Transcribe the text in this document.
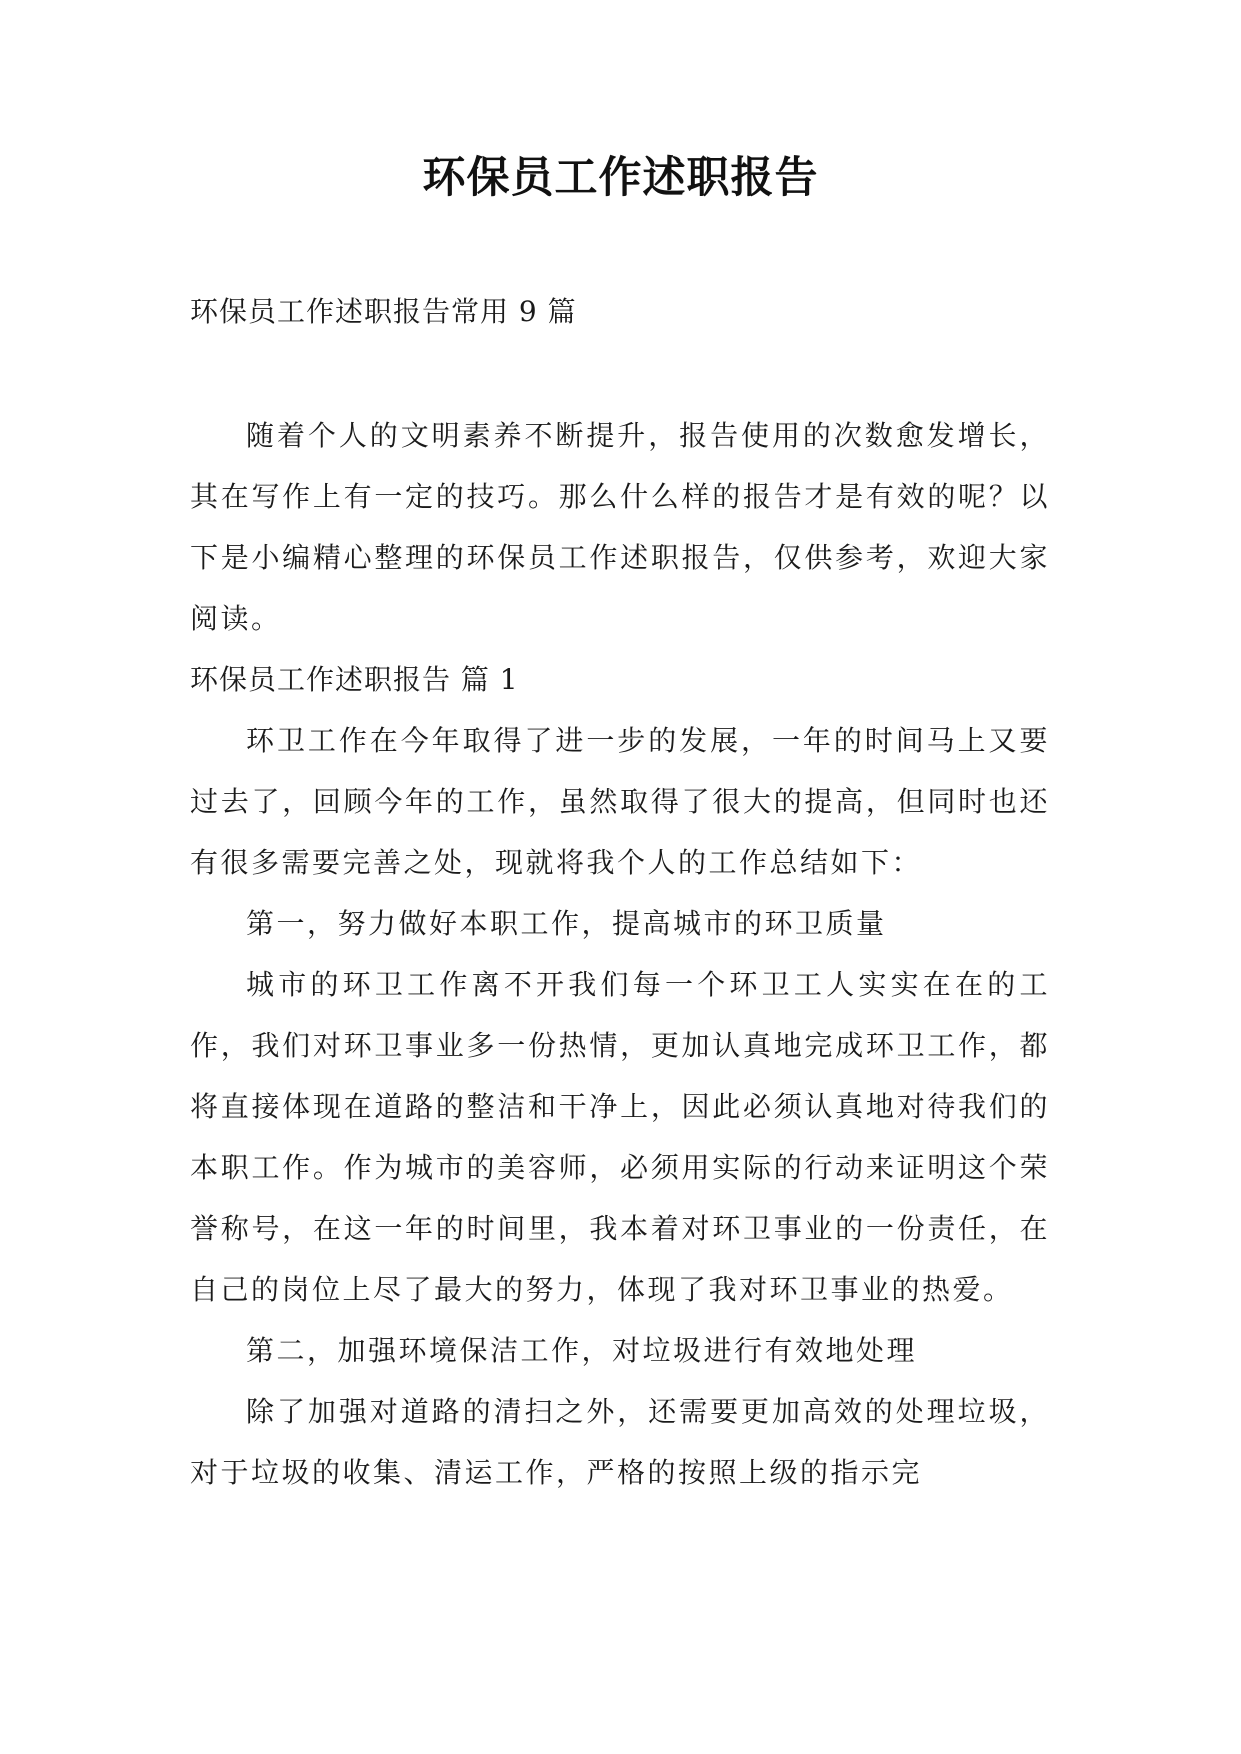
环保员工作述职报告
环保员工作述职报告常用 9 篇

随着个人的文明素养不断提升，报告使用的次数愈发增长，其在写作上有一定的技巧。那么什么样的报告才是有效的呢？以下是小编精心整理的环保员工作述职报告，仅供参考，欢迎大家阅读。

环保员工作述职报告 篇 1

环卫工作在今年取得了进一步的发展，一年的时间马上又要过去了，回顾今年的工作，虽然取得了很大的提高，但同时也还有很多需要完善之处，现就将我个人的工作总结如下：

第一，努力做好本职工作，提高城市的环卫质量

城市的环卫工作离不开我们每一个环卫工人实实在在的工作，我们对环卫事业多一份热情，更加认真地完成环卫工作，都将直接体现在道路的整洁和干净上，因此必须认真地对待我们的本职工作。作为城市的美容师，必须用实际的行动来证明这个荣誉称号，在这一年的时间里，我本着对环卫事业的一份责任，在自己的岗位上尽了最大的努力，体现了我对环卫事业的热爱。

第二，加强环境保洁工作，对垃圾进行有效地处理

除了加强对道路的清扫之外，还需要更加高效的处理垃圾，对于垃圾的收集、清运工作，严格的按照上级的指示完
